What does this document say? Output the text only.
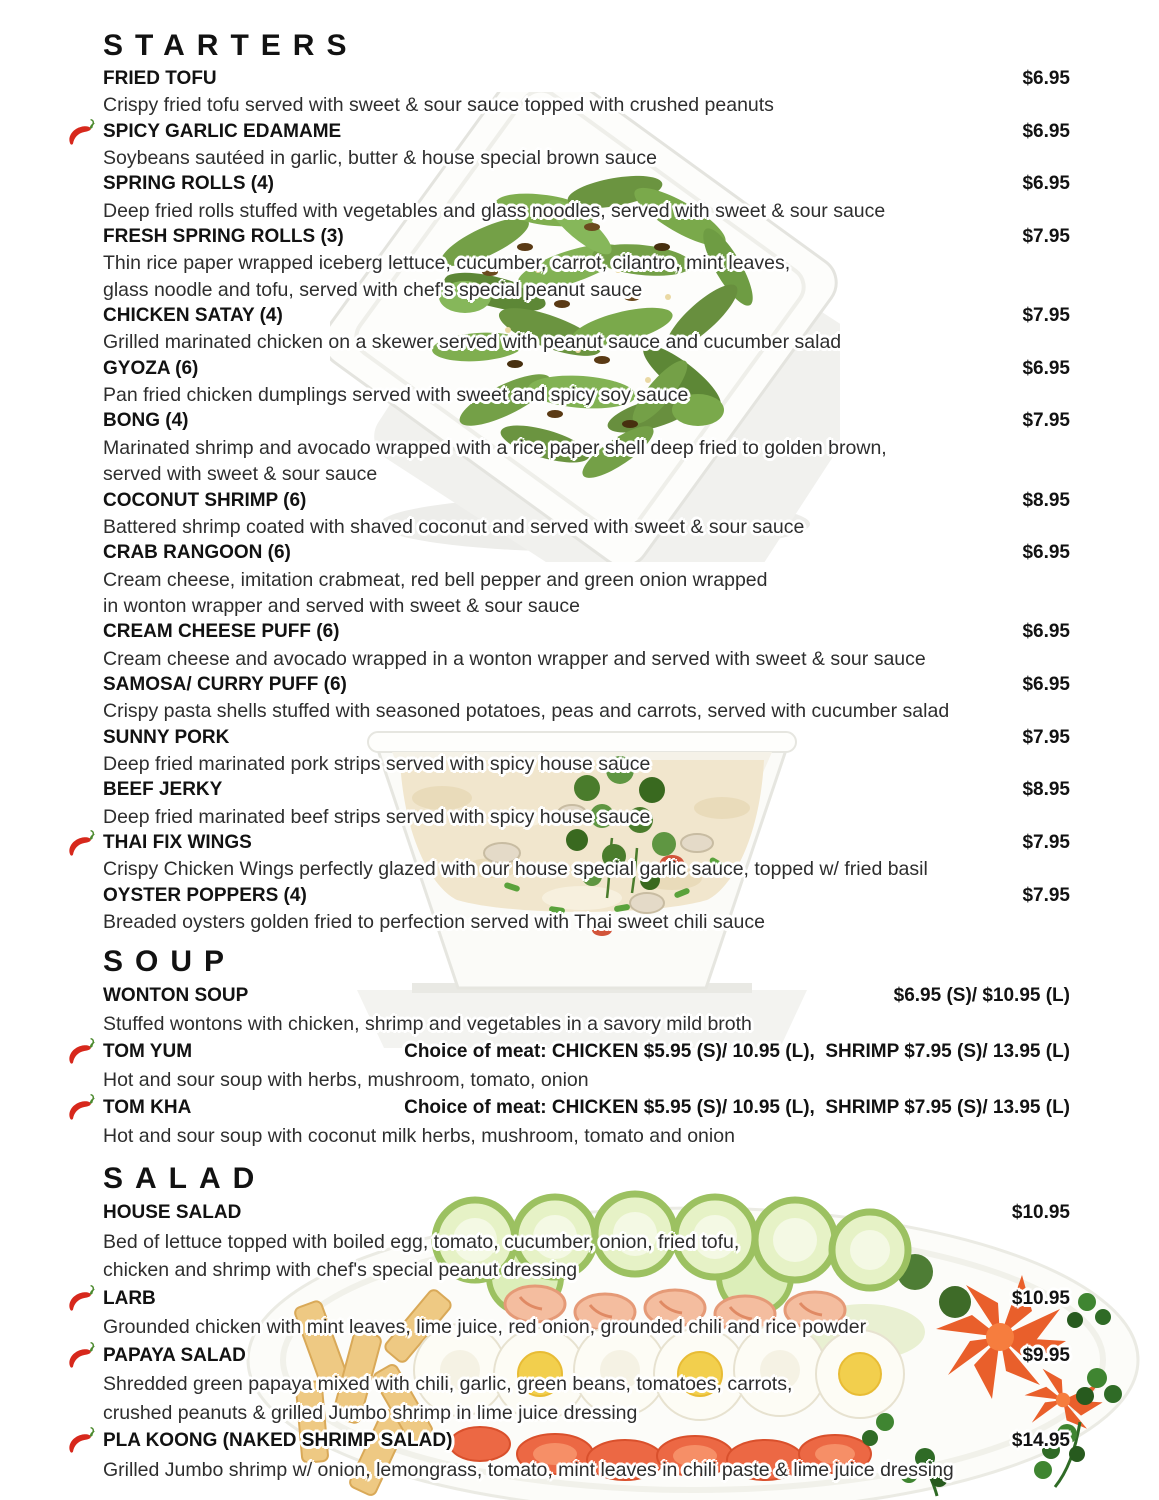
STARTERS
FRIED TOFU	$6.95
Crispy fried tofu served with sweet & sour sauce topped with crushed peanuts
SPICY GARLIC EDAMAME	$6.95
Soybeans sautéed in garlic, butter & house special brown sauce
SPRING ROLLS (4)	$6.95
Deep fried rolls stuffed with vegetables and glass noodles, served with sweet & sour sauce
FRESH SPRING ROLLS (3)	$7.95
Thin rice paper wrapped iceberg lettuce, cucumber, carrot, cilantro, mint leaves,
glass noodle and tofu, served with chef's special peanut sauce
CHICKEN SATAY (4)	$7.95
Grilled marinated chicken on a skewer served with peanut sauce and cucumber salad
GYOZA (6)	$6.95
Pan fried chicken dumplings served with sweet and spicy soy sauce
BONG (4)	$7.95
Marinated shrimp and avocado wrapped with a rice paper shell deep fried to golden brown,
served with sweet & sour sauce
COCONUT SHRIMP (6)	$8.95
Battered shrimp coated with shaved coconut and served with sweet & sour sauce
CRAB RANGOON (6)	$6.95
Cream cheese, imitation crabmeat, red bell pepper and green onion wrapped
in wonton wrapper and served with sweet & sour sauce
CREAM CHEESE PUFF (6)	$6.95
Cream cheese and avocado wrapped in a wonton wrapper and served with sweet & sour sauce
SAMOSA/ CURRY PUFF (6)	$6.95
Crispy pasta shells stuffed with seasoned potatoes, peas and carrots, served with cucumber salad
SUNNY PORK	$7.95
Deep fried marinated pork strips served with spicy house sauce
BEEF JERKY	$8.95
Deep fried marinated beef strips served with spicy house sauce
THAI FIX WINGS	$7.95
Crispy Chicken Wings perfectly glazed with our house special garlic sauce, topped w/ fried basil
OYSTER POPPERS (4)	$7.95
Breaded oysters golden fried to perfection served with Thai sweet chili sauce
SOUP
WONTON SOUP	$6.95 (S)/ $10.95 (L)
Stuffed wontons with chicken, shrimp and vegetables in a savory mild broth
TOM YUM	Choice of meat: CHICKEN $5.95 (S)/ 10.95 (L),  SHRIMP $7.95 (S)/ 13.95 (L)
Hot and sour soup with herbs, mushroom, tomato, onion
TOM KHA	Choice of meat: CHICKEN $5.95 (S)/ 10.95 (L),  SHRIMP $7.95 (S)/ 13.95 (L)
Hot and sour soup with coconut milk herbs, mushroom, tomato and onion
SALAD
HOUSE SALAD	$10.95
Bed of lettuce topped with boiled egg, tomato, cucumber, onion, fried tofu,
chicken and shrimp with chef's special peanut dressing
LARB	$10.95
Grounded chicken with mint leaves, lime juice, red onion, grounded chili and rice powder
PAPAYA SALAD	$9.95
Shredded green papaya mixed with chili, garlic, green beans, tomatoes, carrots,
crushed peanuts & grilled Jumbo shrimp in lime juice dressing
PLA KOONG (NAKED SHRIMP SALAD)	$14.95
Grilled Jumbo shrimp w/ onion, lemongrass, tomato, mint leaves in chili paste & lime juice dressing
